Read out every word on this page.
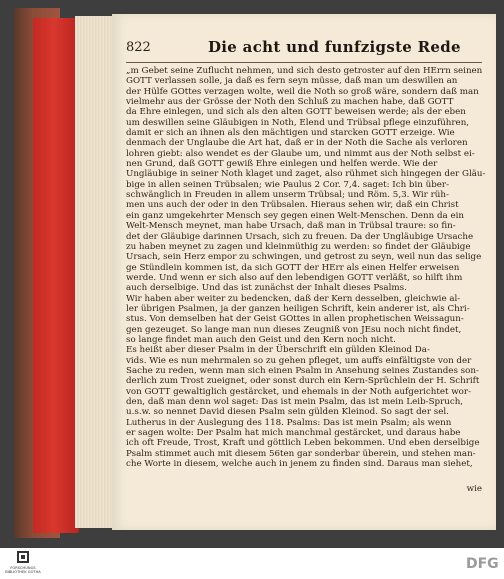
822	Die acht und funfzigste Rede
„m Gebet seine Zuflucht nehmen, und sich desto getroster auf den HErrn seinen
GOTT verlassen solle, ja daß es fern seyn müsse, daß man um deswillen an
der Hülfe GOttes verzagen wolte, weil die Noth so groß wäre, sondern daß man
vielmehr aus der Grösse der Noth den Schluß zu machen habe, daß GOTT
da Ehre einlegen, und sich als den alten GOTT beweisen werde; als der eben
um deswillen seine Gläubigen in Noth, Elend und Trübsal pflege einzuführen,
damit er sich an ihnen als den mächtigen und starcken GOTT erzeige. Wie
denmach der Unglaube die Art hat, daß er in der Noth die Sache als verloren
lohren giebt: also wendet es der Glaube um, und nimmt aus der Noth selbst ei-
nen Grund, daß GOTT gewiß Ehre einlegen und helfen werde. Wie der
Ungläubige in seiner Noth klaget und zaget, also rühmet sich hingegen der Gläu-
bige in allen seinen Trübsalen; wie Paulus 2 Cor. 7,4. saget: Ich bin über-
schwänglich in Freuden in allem unserm Trübsal; und Röm. 5,3. Wir rüh-
men uns auch der oder in den Trübsalen. Hieraus sehen wir, daß ein Christ
ein ganz umgekehrter Mensch sey gegen einen Welt-Menschen. Denn da ein
Welt-Mensch meynet, man habe Ursach, daß man in Trübsal traure: so fin-
det der Gläubige darinnen Ursach, sich zu freuen. Da der Ungläubige Ursache
zu haben meynet zu zagen und kleinmüthig zu werden: so findet der Gläubige
Ursach, sein Herz empor zu schwingen, und getrost zu seyn, weil nun das selige
ge Stündlein kommen ist, da sich GOTT der HErr als einen Helfer erweisen
werde. Und wenn er sich also auf den lebendigen GOTT verläßt, so hilft ihm
auch derselbige. Und das ist zunächst der Inhalt dieses Psalms.
Wir haben aber weiter zu bedencken, daß der Kern desselben, gleichwie al-
ler übrigen Psalmen, ja der ganzen heiligen Schrift, kein anderer ist, als Chri-
stus. Von demselben hat der Geist GOttes in allen prophetischen Weissagun-
gen gezeuget. So lange man nun dieses Zeugniß von JEsu noch nicht findet,
so lange findet man auch den Geist und den Kern noch nicht.
Es heißt aber dieser Psalm in der Überschrift ein gülden Kleinod Da-
vids. Wie es nun mehrmalen so zu gehen pfleget, um auffs einfältigste von der
Sache zu reden, wenn man sich einen Psalm in Ansehung seines Zustandes son-
derlich zum Trost zueignet, oder sonst durch ein Kern-Sprüchlein der H. Schrift
von GOTT gewaltiglich gestärcket, und ehemals in der Noth aufgerichtet wor-
den, daß man denn wol saget: Das ist mein Psalm, das ist mein Leib-Spruch,
u.s.w. so nennet David diesen Psalm sein gülden Kleinod. So sagt der sel.
Lutherus in der Auslegung des 118. Psalms: Das ist mein Psalm; als wenn
er sagen wolte: Der Psalm hat mich manchmal gestärcket, und daraus habe
ich oft Freude, Trost, Kraft und göttlich Leben bekommen. Und eben derselbige
Psalm stimmet auch mit diesem 56ten gar sonderbar überein, und stehen man-
che Worte in diesem, welche auch in jenem zu finden sind. Daraus man siehet,
wie
FORSCHUNGS
BIBLIOTHEK GOTHA	DFG
